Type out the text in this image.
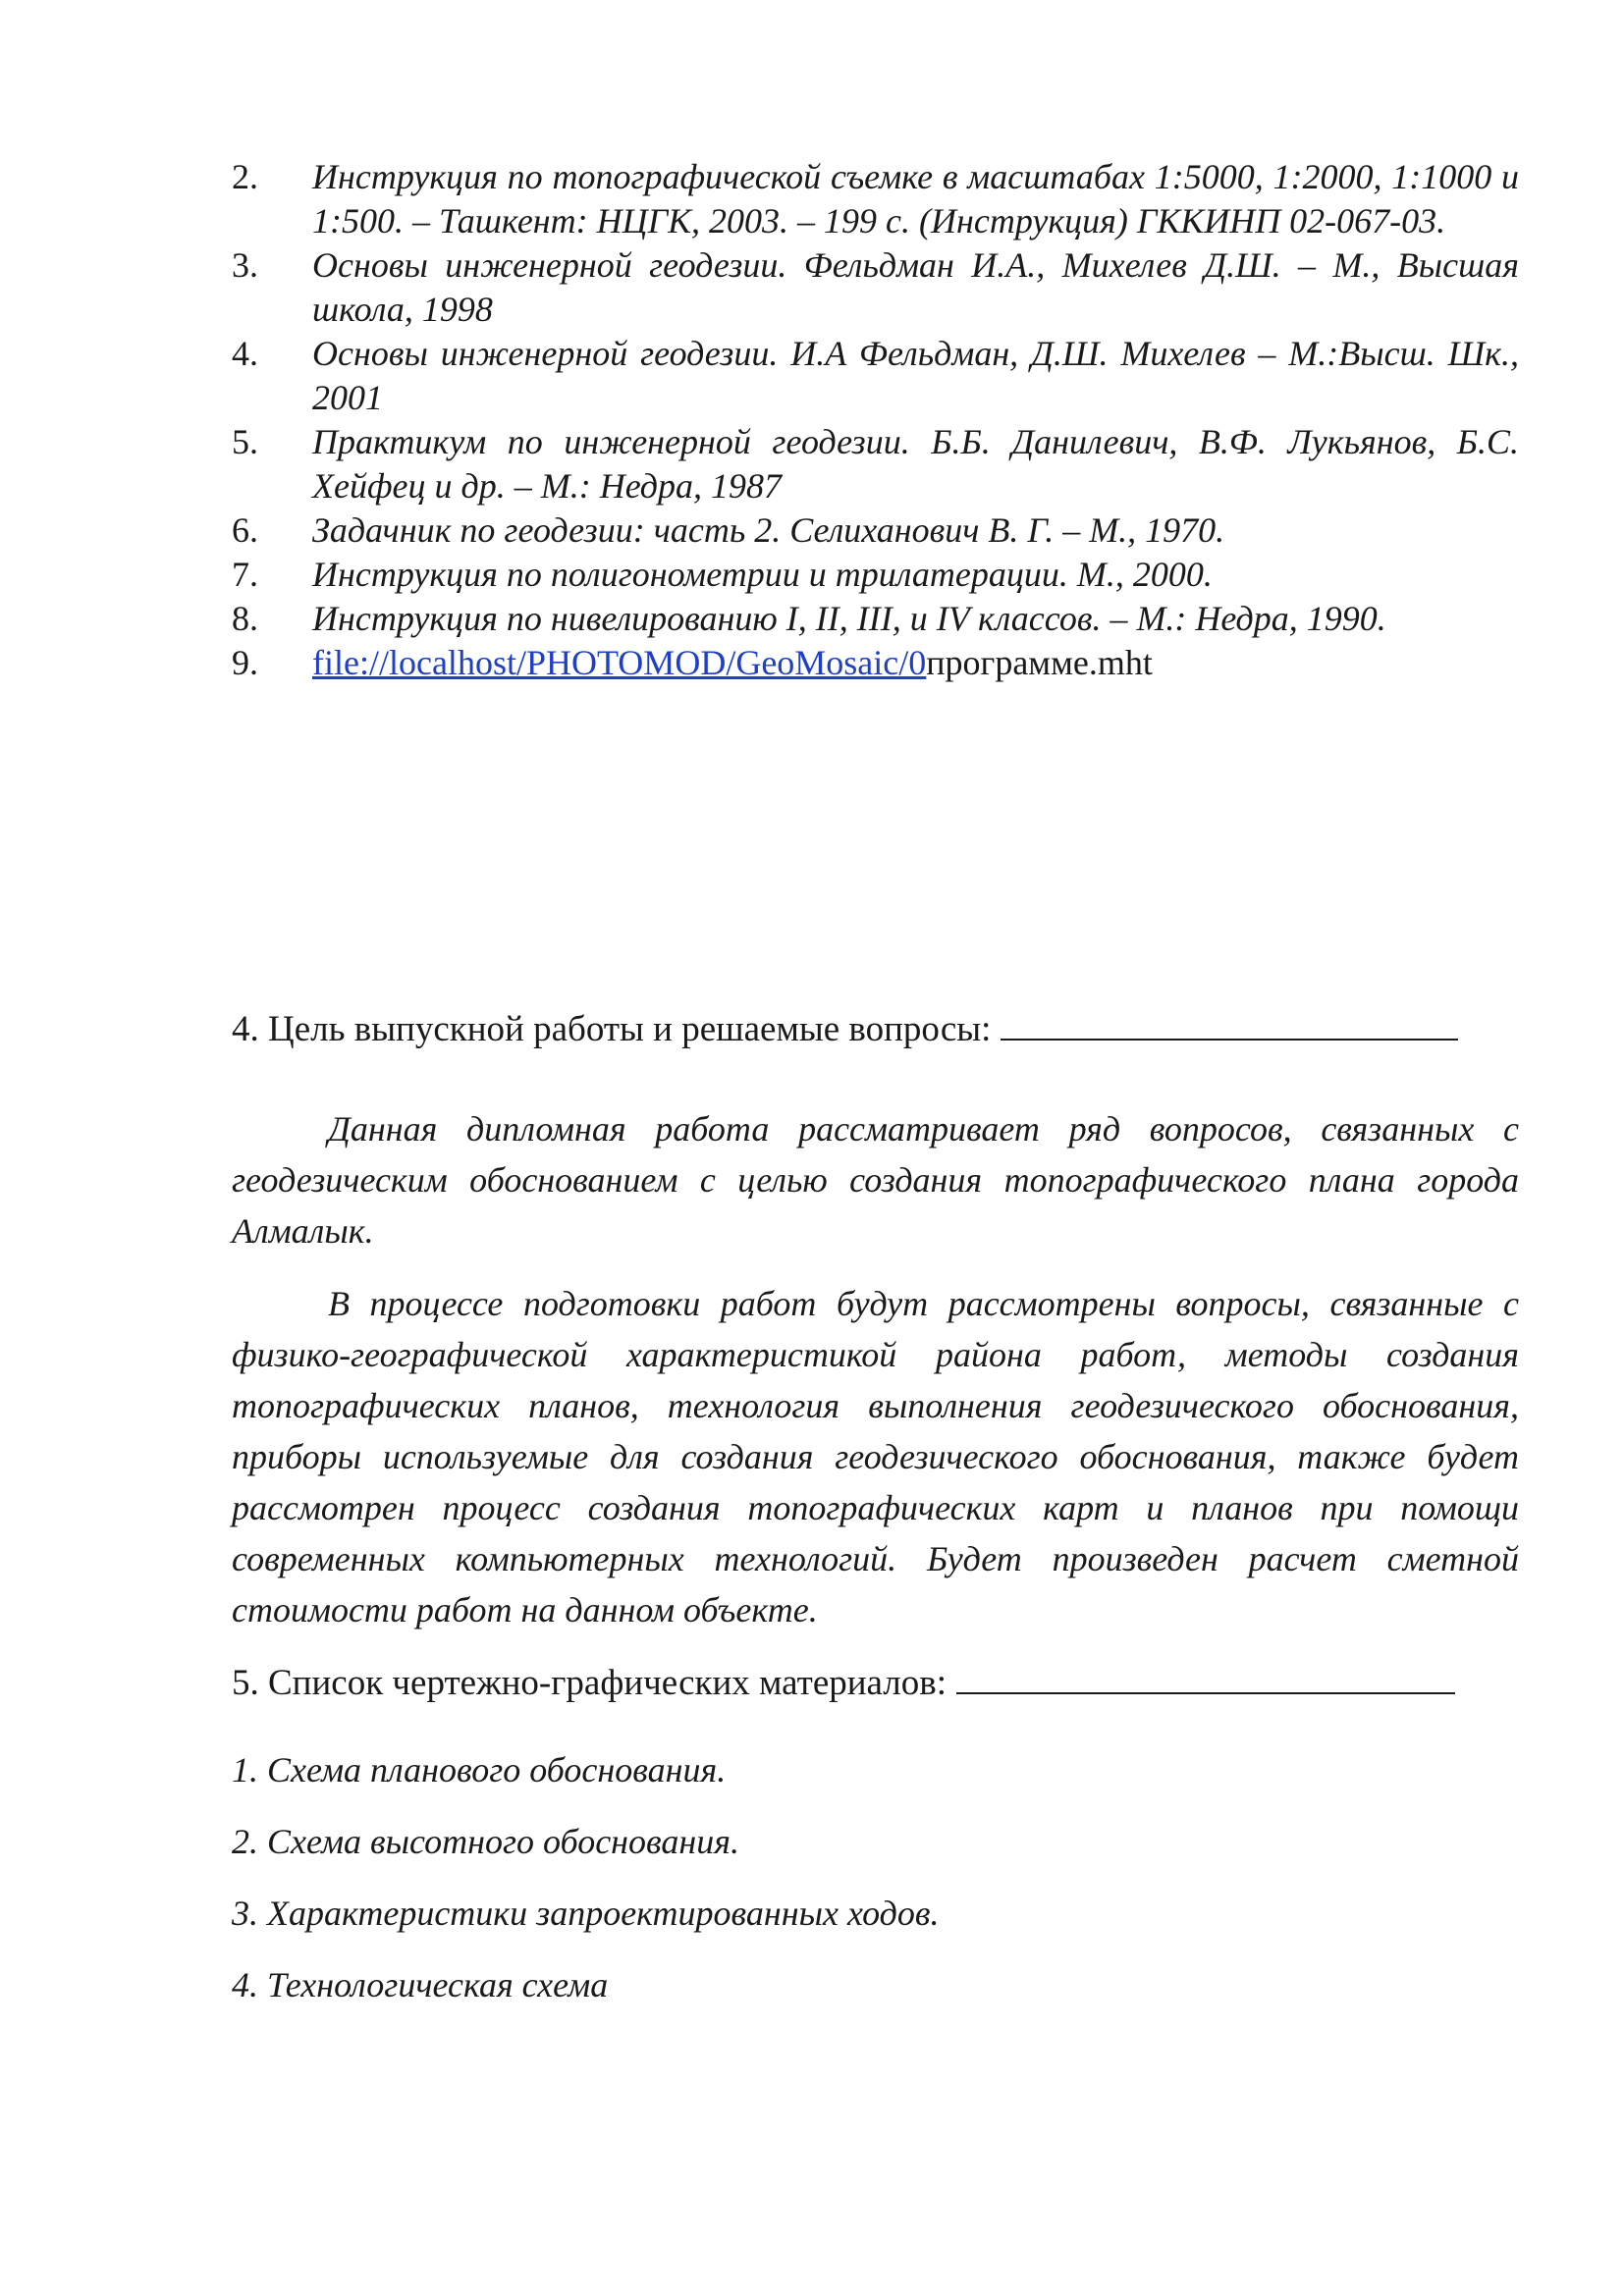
2. Инструкция по топографической съемке в масштабах 1:5000, 1:2000, 1:1000 и 1:500. – Ташкент: НЦГК, 2003. – 199 с. (Инструкция) ГККИНП 02-067-03.
3. Основы инженерной геодезии. Фельдман И.А., Михелев Д.Ш. – М., Высшая школа, 1998
4. Основы инженерной геодезии. И.А Фельдман, Д.Ш. Михелев – М.:Высш. Шк., 2001
5. Практикум по инженерной геодезии. Б.Б. Данилевич, В.Ф. Лукьянов, Б.С. Хейфец и др. – М.: Недра, 1987
6. Задачник по геодезии: часть 2. Селиханович В. Г. – М., 1970.
7. Инструкция по полигонометрии и трилатерации. М., 2000.
8. Инструкция по нивелированию I, II, III, и IV классов. – М.: Недра, 1990.
9. file://localhost/PHOTOMOD/GeoMosaic/0программе.mht
4. Цель выпускной работы и решаемые вопросы:

Данная дипломная работа рассматривает ряд вопросов, связанных с геодезическим обоснованием с целью создания топографического плана города Алмалык.

В процессе подготовки работ будут рассмотрены вопросы, связанные с физико-географической характеристикой района работ, методы создания топографических планов, технология выполнения геодезического обоснования, приборы используемые для создания геодезического обоснования, также будет рассмотрен процесс создания топографических карт и планов при помощи современных компьютерных технологий. Будет произведен расчет сметной стоимости работ на данном объекте.

5. Список чертежно-графических материалов:
1. Схема планового обоснования.
2. Схема высотного обоснования.
3. Характеристики запроектированных ходов.
4. Технологическая схема
